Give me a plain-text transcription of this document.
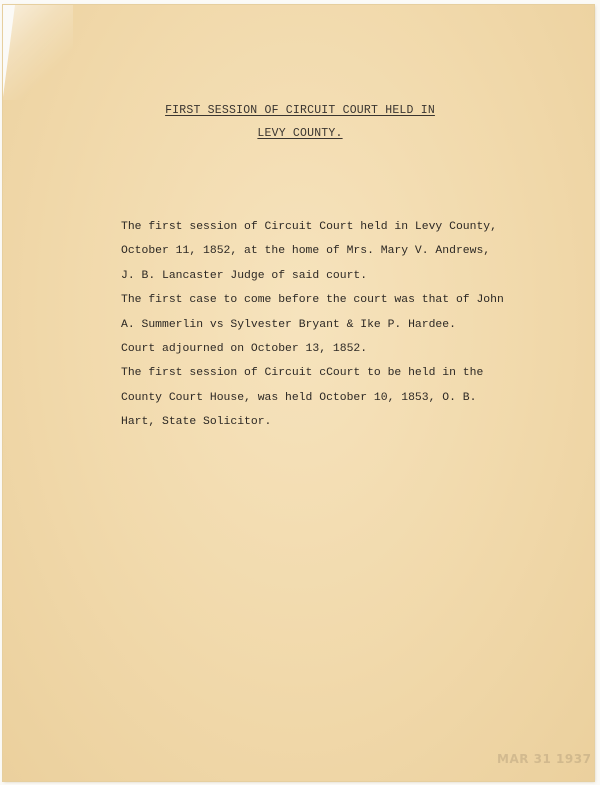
FIRST SESSION OF CIRCUIT COURT HELD IN
LEVY COUNTY.
The first session of Circuit Court held in Levy County,
October 11, 1852, at the home of Mrs. Mary V. Andrews,
J. B. Lancaster Judge of said court.
The first case to come before the court was that of John
A. Summerlin vs Sylvester Bryant & Ike P. Hardee.
Court adjourned on October 13, 1852.
The first session of Circuit cCourt to be held in the
County Court House, was held October 10, 1853, O. B.
Hart, State Solicitor.
MAR 31 1937
